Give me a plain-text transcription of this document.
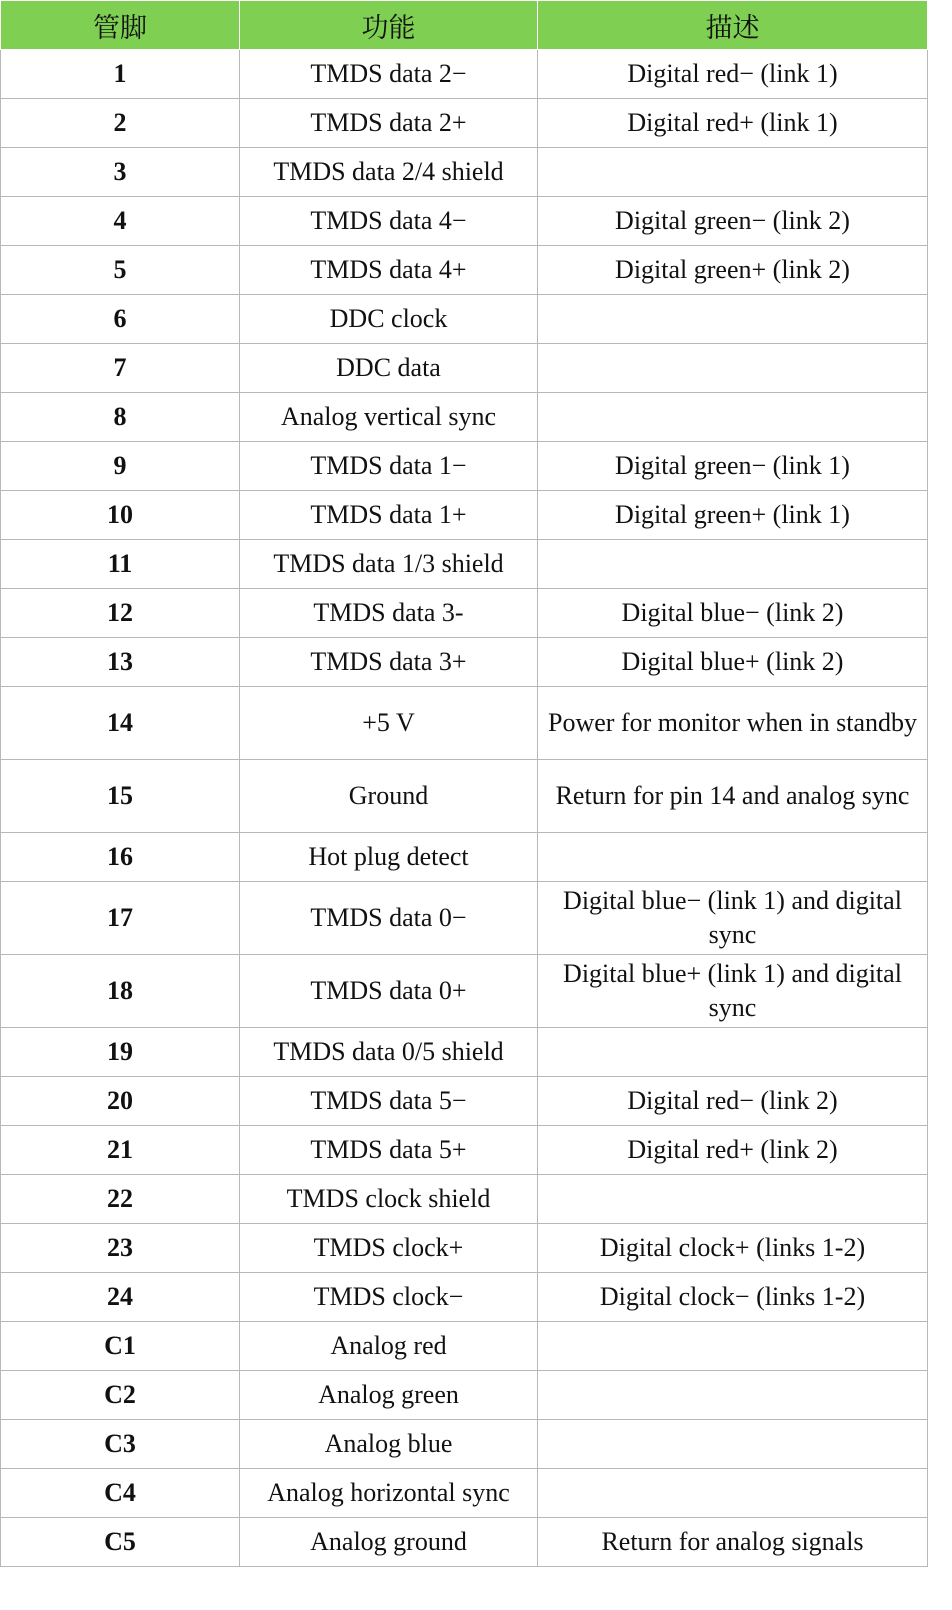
管脚	功能	描述
1	TMDS data 2−	Digital red− (link 1)
2	TMDS data 2+	Digital red+ (link 1)
3	TMDS data 2/4 shield	
4	TMDS data 4−	Digital green− (link 2)
5	TMDS data 4+	Digital green+ (link 2)
6	DDC clock	
7	DDC data	
8	Analog vertical sync	
9	TMDS data 1−	Digital green− (link 1)
10	TMDS data 1+	Digital green+ (link 1)
11	TMDS data 1/3 shield	
12	TMDS data 3-	Digital blue− (link 2)
13	TMDS data 3+	Digital blue+ (link 2)
14	+5 V	Power for monitor when in standby
15	Ground	Return for pin 14 and analog sync
16	Hot plug detect	
17	TMDS data 0−	Digital blue− (link 1) and digital sync
18	TMDS data 0+	Digital blue+ (link 1) and digital sync
19	TMDS data 0/5 shield	
20	TMDS data 5−	Digital red− (link 2)
21	TMDS data 5+	Digital red+ (link 2)
22	TMDS clock shield	
23	TMDS clock+	Digital clock+ (links 1-2)
24	TMDS clock−	Digital clock− (links 1-2)
C1	Analog red	
C2	Analog green	
C3	Analog blue	
C4	Analog horizontal sync	
C5	Analog ground	Return for analog signals
